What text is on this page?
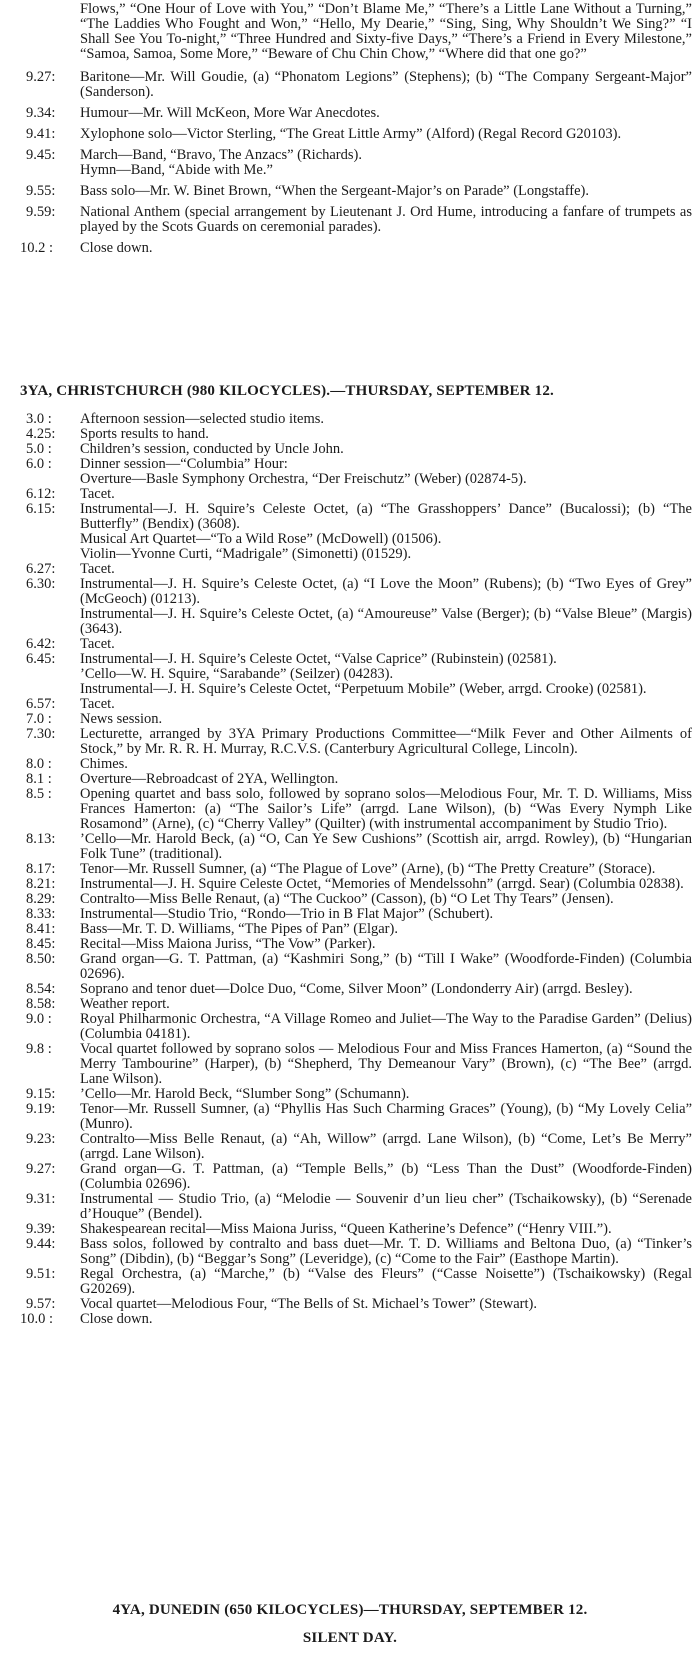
Flows,” “One Hour of Love with You,” “Don’t Blame Me,” “There’s a Little Lane Without a Turning,” “The Laddies Who Fought and Won,” “Hello, My Dearie,” “Sing, Sing, Why Shouldn’t We Sing?” “I Shall See You To-night,” “Three Hundred and Sixty-five Days,” “There’s a Friend in Every Milestone,” “Samoa, Samoa, Some More,” “Beware of Chu Chin Chow,” “Where did that one go?”
9.27:	Baritone—Mr. Will Goudie, (a) “Phonatom Legions” (Stephens); (b) “The Company Sergeant-Major” (Sanderson).
9.34:	Humour—Mr. Will McKeon, More War Anecdotes.
9.41:	Xylophone solo—Victor Sterling, “The Great Little Army” (Alford) (Regal Record G20103).
9.45:	March—Band, “Bravo, The Anzacs” (Richards).
Hymn—Band, “Abide with Me.”
9.55:	Bass solo—Mr. W. Binet Brown, “When the Sergeant-Major’s on Parade” (Longstaffe).
9.59:	National Anthem (special arrangement by Lieutenant J. Ord Hume, introducing a fanfare of trumpets as played by the Scots Guards on ceremonial parades).
10.2 :	Close down.
3YA, CHRISTCHURCH (980 KILOCYCLES).—THURSDAY, SEPTEMBER 12.
3.0 :	Afternoon session—selected studio items.
4.25:	Sports results to hand.
5.0 :	Children’s session, conducted by Uncle John.
6.0 :	Dinner session—“Columbia” Hour:
Overture—Basle Symphony Orchestra, “Der Freischutz” (Weber) (02874-5).
6.12:	Tacet.
6.15:	Instrumental—J. H. Squire’s Celeste Octet, (a) “The Grasshoppers’ Dance” (Bucalossi); (b) “The Butterfly” (Bendix) (3608).
Musical Art Quartet—“To a Wild Rose” (McDowell) (01506).
Violin—Yvonne Curti, “Madrigale” (Simonetti) (01529).
6.27:	Tacet.
6.30:	Instrumental—J. H. Squire’s Celeste Octet, (a) “I Love the Moon” (Rubens); (b) “Two Eyes of Grey” (McGeoch) (01213).
Instrumental—J. H. Squire’s Celeste Octet, (a) “Amoureuse” Valse (Berger); (b) “Valse Bleue” (Margis) (3643).
6.42:	Tacet.
6.45:	Instrumental—J. H. Squire’s Celeste Octet, “Valse Caprice” (Rubinstein) (02581).
’Cello—W. H. Squire, “Sarabande” (Seilzer) (04283).
Instrumental—J. H. Squire’s Celeste Octet, “Perpetuum Mobile” (Weber, arrgd. Crooke) (02581).
6.57:	Tacet.
7.0 :	News session.
7.30:	Lecturette, arranged by 3YA Primary Productions Committee—“Milk Fever and Other Ailments of Stock,” by Mr. R. R. H. Murray, R.C.V.S. (Canterbury Agricultural College, Lincoln).
8.0 :	Chimes.
8.1 :	Overture—Rebroadcast of 2YA, Wellington.
8.5 :	Opening quartet and bass solo, followed by soprano solos—Melodious Four, Mr. T. D. Williams, Miss Frances Hamerton: (a) “The Sailor’s Life” (arrgd. Lane Wilson), (b) “Was Every Nymph Like Rosamond” (Arne), (c) “Cherry Valley” (Quilter) (with instrumental accompaniment by Studio Trio).
8.13:	’Cello—Mr. Harold Beck, (a) “O, Can Ye Sew Cushions” (Scottish air, arrgd. Rowley), (b) “Hungarian Folk Tune” (traditional).
8.17:	Tenor—Mr. Russell Sumner, (a) “The Plague of Love” (Arne), (b) “The Pretty Creature” (Storace).
8.21:	Instrumental—J. H. Squire Celeste Octet, “Memories of Mendelssohn” (arrgd. Sear) (Columbia 02838).
8.29:	Contralto—Miss Belle Renaut, (a) “The Cuckoo” (Casson), (b) “O Let Thy Tears” (Jensen).
8.33:	Instrumental—Studio Trio, “Rondo—Trio in B Flat Major” (Schubert).
8.41:	Bass—Mr. T. D. Williams, “The Pipes of Pan” (Elgar).
8.45:	Recital—Miss Maiona Juriss, “The Vow” (Parker).
8.50:	Grand organ—G. T. Pattman, (a) “Kashmiri Song,” (b) “Till I Wake” (Woodforde-Finden) (Columbia 02696).
8.54:	Soprano and tenor duet—Dolce Duo, “Come, Silver Moon” (Londonderry Air) (arrgd. Besley).
8.58:	Weather report.
9.0 :	Royal Philharmonic Orchestra, “A Village Romeo and Juliet—The Way to the Paradise Garden” (Delius) (Columbia 04181).
9.8 :	Vocal quartet followed by soprano solos — Melodious Four and Miss Frances Hamerton, (a) “Sound the Merry Tambourine” (Harper), (b) “Shepherd, Thy Demeanour Vary” (Brown), (c) “The Bee” (arrgd. Lane Wilson).
9.15:	’Cello—Mr. Harold Beck, “Slumber Song” (Schumann).
9.19:	Tenor—Mr. Russell Sumner, (a) “Phyllis Has Such Charming Graces” (Young), (b) “My Lovely Celia” (Munro).
9.23:	Contralto—Miss Belle Renaut, (a) “Ah, Willow” (arrgd. Lane Wilson), (b) “Come, Let’s Be Merry” (arrgd. Lane Wilson).
9.27:	Grand organ—G. T. Pattman, (a) “Temple Bells,” (b) “Less Than the Dust” (Woodforde-Finden) (Columbia 02696).
9.31:	Instrumental — Studio Trio, (a) “Melodie — Souvenir d’un lieu cher” (Tschaikowsky), (b) “Serenade d’Houque” (Bendel).
9.39:	Shakespearean recital—Miss Maiona Juriss, “Queen Katherine’s Defence” (“Henry VIII.”).
9.44:	Bass solos, followed by contralto and bass duet—Mr. T. D. Williams and Beltona Duo, (a) “Tinker’s Song” (Dibdin), (b) “Beggar’s Song” (Leveridge), (c) “Come to the Fair” (Easthope Martin).
9.51:	Regal Orchestra, (a) “Marche,” (b) “Valse des Fleurs” (“Casse Noisette”) (Tschaikowsky) (Regal G20269).
9.57:	Vocal quartet—Melodious Four, “The Bells of St. Michael’s Tower” (Stewart).
10.0 :	Close down.
4YA, DUNEDIN (650 KILOCYCLES)—THURSDAY, SEPTEMBER 12.
SILENT DAY.
